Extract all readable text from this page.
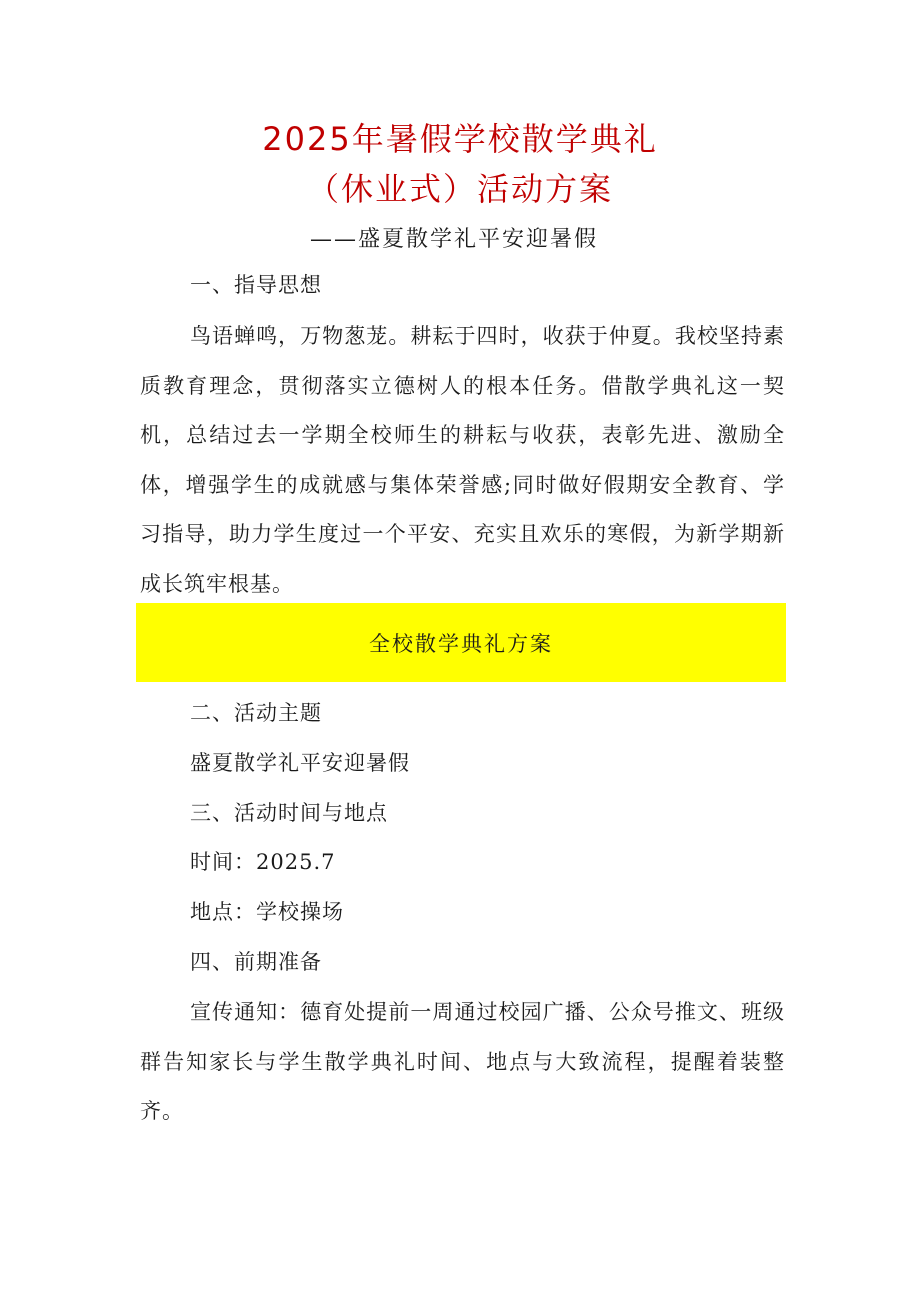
2025年暑假学校散学典礼
（休业式）活动方案
——盛夏散学礼平安迎暑假
一、指导思想
鸟语蝉鸣，万物葱茏。耕耘于四时，收获于仲夏。我校坚持素质教育理念，贯彻落实立德树人的根本任务。借散学典礼这一契机，总结过去一学期全校师生的耕耘与收获，表彰先进、激励全体，增强学生的成就感与集体荣誉感;同时做好假期安全教育、学习指导，助力学生度过一个平安、充实且欢乐的寒假，为新学期新成长筑牢根基。
全校散学典礼方案
二、活动主题
盛夏散学礼平安迎暑假
三、活动时间与地点
时间：2025.7
地点：学校操场
四、前期准备
宣传通知：德育处提前一周通过校园广播、公众号推文、班级群告知家长与学生散学典礼时间、地点与大致流程，提醒着装整齐。
